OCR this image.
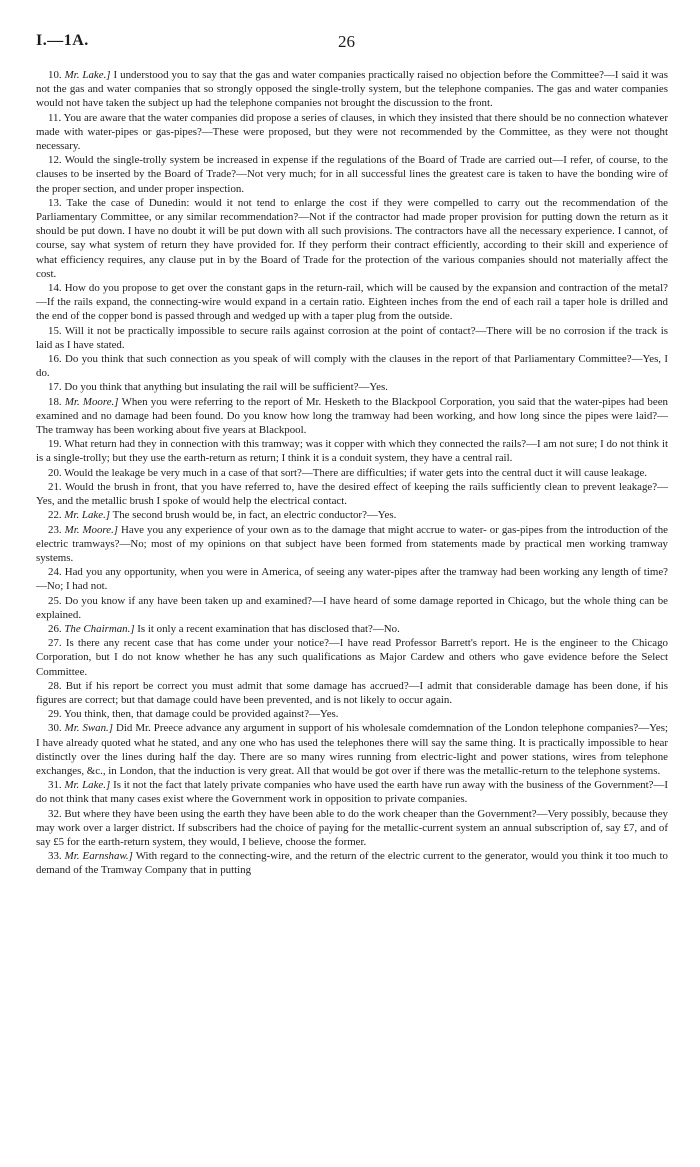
I.—1A.	26

10. Mr. Lake.] I understood you to say that the gas and water companies practically raised no objection before the Committee?—I said it was not the gas and water companies that so strongly opposed the single-trolly system, but the telephone companies. The gas and water companies would not have taken the subject up had the telephone companies not brought the discussion to the front.

11. You are aware that the water companies did propose a series of clauses, in which they insisted that there should be no connection whatever made with water-pipes or gas-pipes?—These were proposed, but they were not recommended by the Committee, as they were not thought necessary.

12. Would the single-trolly system be increased in expense if the regulations of the Board of Trade are carried out—I refer, of course, to the clauses to be inserted by the Board of Trade?—Not very much; for in all successful lines the greatest care is taken to have the bonding wire of the proper section, and under proper inspection.

13. Take the case of Dunedin: would it not tend to enlarge the cost if they were compelled to carry out the recommendation of the Parliamentary Committee, or any similar recommendation?—Not if the contractor had made proper provision for putting down the return as it should be put down. I have no doubt it will be put down with all such provisions. The contractors have all the necessary experience. I cannot, of course, say what system of return they have provided for. If they perform their contract efficiently, according to their skill and experience of what efficiency requires, any clause put in by the Board of Trade for the protection of the various companies should not materially affect the cost.

14. How do you propose to get over the constant gaps in the return-rail, which will be caused by the expansion and contraction of the metal?—If the rails expand, the connecting-wire would expand in a certain ratio. Eighteen inches from the end of each rail a taper hole is drilled and the end of the copper bond is passed through and wedged up with a taper plug from the outside.

15. Will it not be practically impossible to secure rails against corrosion at the point of contact?—There will be no corrosion if the track is laid as I have stated.

16. Do you think that such connection as you speak of will comply with the clauses in the report of that Parliamentary Committee?—Yes, I do.

17. Do you think that anything but insulating the rail will be sufficient?—Yes.

18. Mr. Moore.] When you were referring to the report of Mr. Hesketh to the Blackpool Corporation, you said that the water-pipes had been examined and no damage had been found. Do you know how long the tramway had been working, and how long since the pipes were laid?—The tramway has been working about five years at Blackpool.

19. What return had they in connection with this tramway; was it copper with which they connected the rails?—I am not sure; I do not think it is a single-trolly; but they use the earth-return as return; I think it is a conduit system, they have a central rail.

20. Would the leakage be very much in a case of that sort?—There are difficulties; if water gets into the central duct it will cause leakage.

21. Would the brush in front, that you have referred to, have the desired effect of keeping the rails sufficiently clean to prevent leakage?—Yes, and the metallic brush I spoke of would help the electrical contact.

22. Mr. Lake.] The second brush would be, in fact, an electric conductor?—Yes.

23. Mr. Moore.] Have you any experience of your own as to the damage that might accrue to water- or gas-pipes from the introduction of the electric tramways?—No; most of my opinions on that subject have been formed from statements made by practical men working tramway systems.

24. Had you any opportunity, when you were in America, of seeing any water-pipes after the tramway had been working any length of time?—No; I had not.

25. Do you know if any have been taken up and examined?—I have heard of some damage reported in Chicago, but the whole thing can be explained.

26. The Chairman.] Is it only a recent examination that has disclosed that?—No.

27. Is there any recent case that has come under your notice?—I have read Professor Barrett's report. He is the engineer to the Chicago Corporation, but I do not know whether he has any such qualifications as Major Cardew and others who gave evidence before the Select Committee.

28. But if his report be correct you must admit that some damage has accrued?—I admit that considerable damage has been done, if his figures are correct; but that damage could have been prevented, and is not likely to occur again.

29. You think, then, that damage could be provided against?—Yes.

30. Mr. Swan.] Did Mr. Preece advance any argument in support of his wholesale comdemnation of the London telephone companies?—Yes; I have already quoted what he stated, and any one who has used the telephones there will say the same thing. It is practically impossible to hear distinctly over the lines during half the day. There are so many wires running from electric-light and power stations, wires from telephone exchanges, &c., in London, that the induction is very great. All that would be got over if there was the metallic-return to the telephone systems.

31. Mr. Lake.] Is it not the fact that lately private companies who have used the earth have run away with the business of the Government?—I do not think that many cases exist where the Government work in opposition to private companies.

32. But where they have been using the earth they have been able to do the work cheaper than the Government?—Very possibly, because they may work over a larger district. If subscribers had the choice of paying for the metallic-current system an annual subscription of, say £7, and of say £5 for the earth-return system, they would, I believe, choose the former.

33. Mr. Earnshaw.] With regard to the connecting-wire, and the return of the electric current to the generator, would you think it too much to demand of the Tramway Company that in putting
